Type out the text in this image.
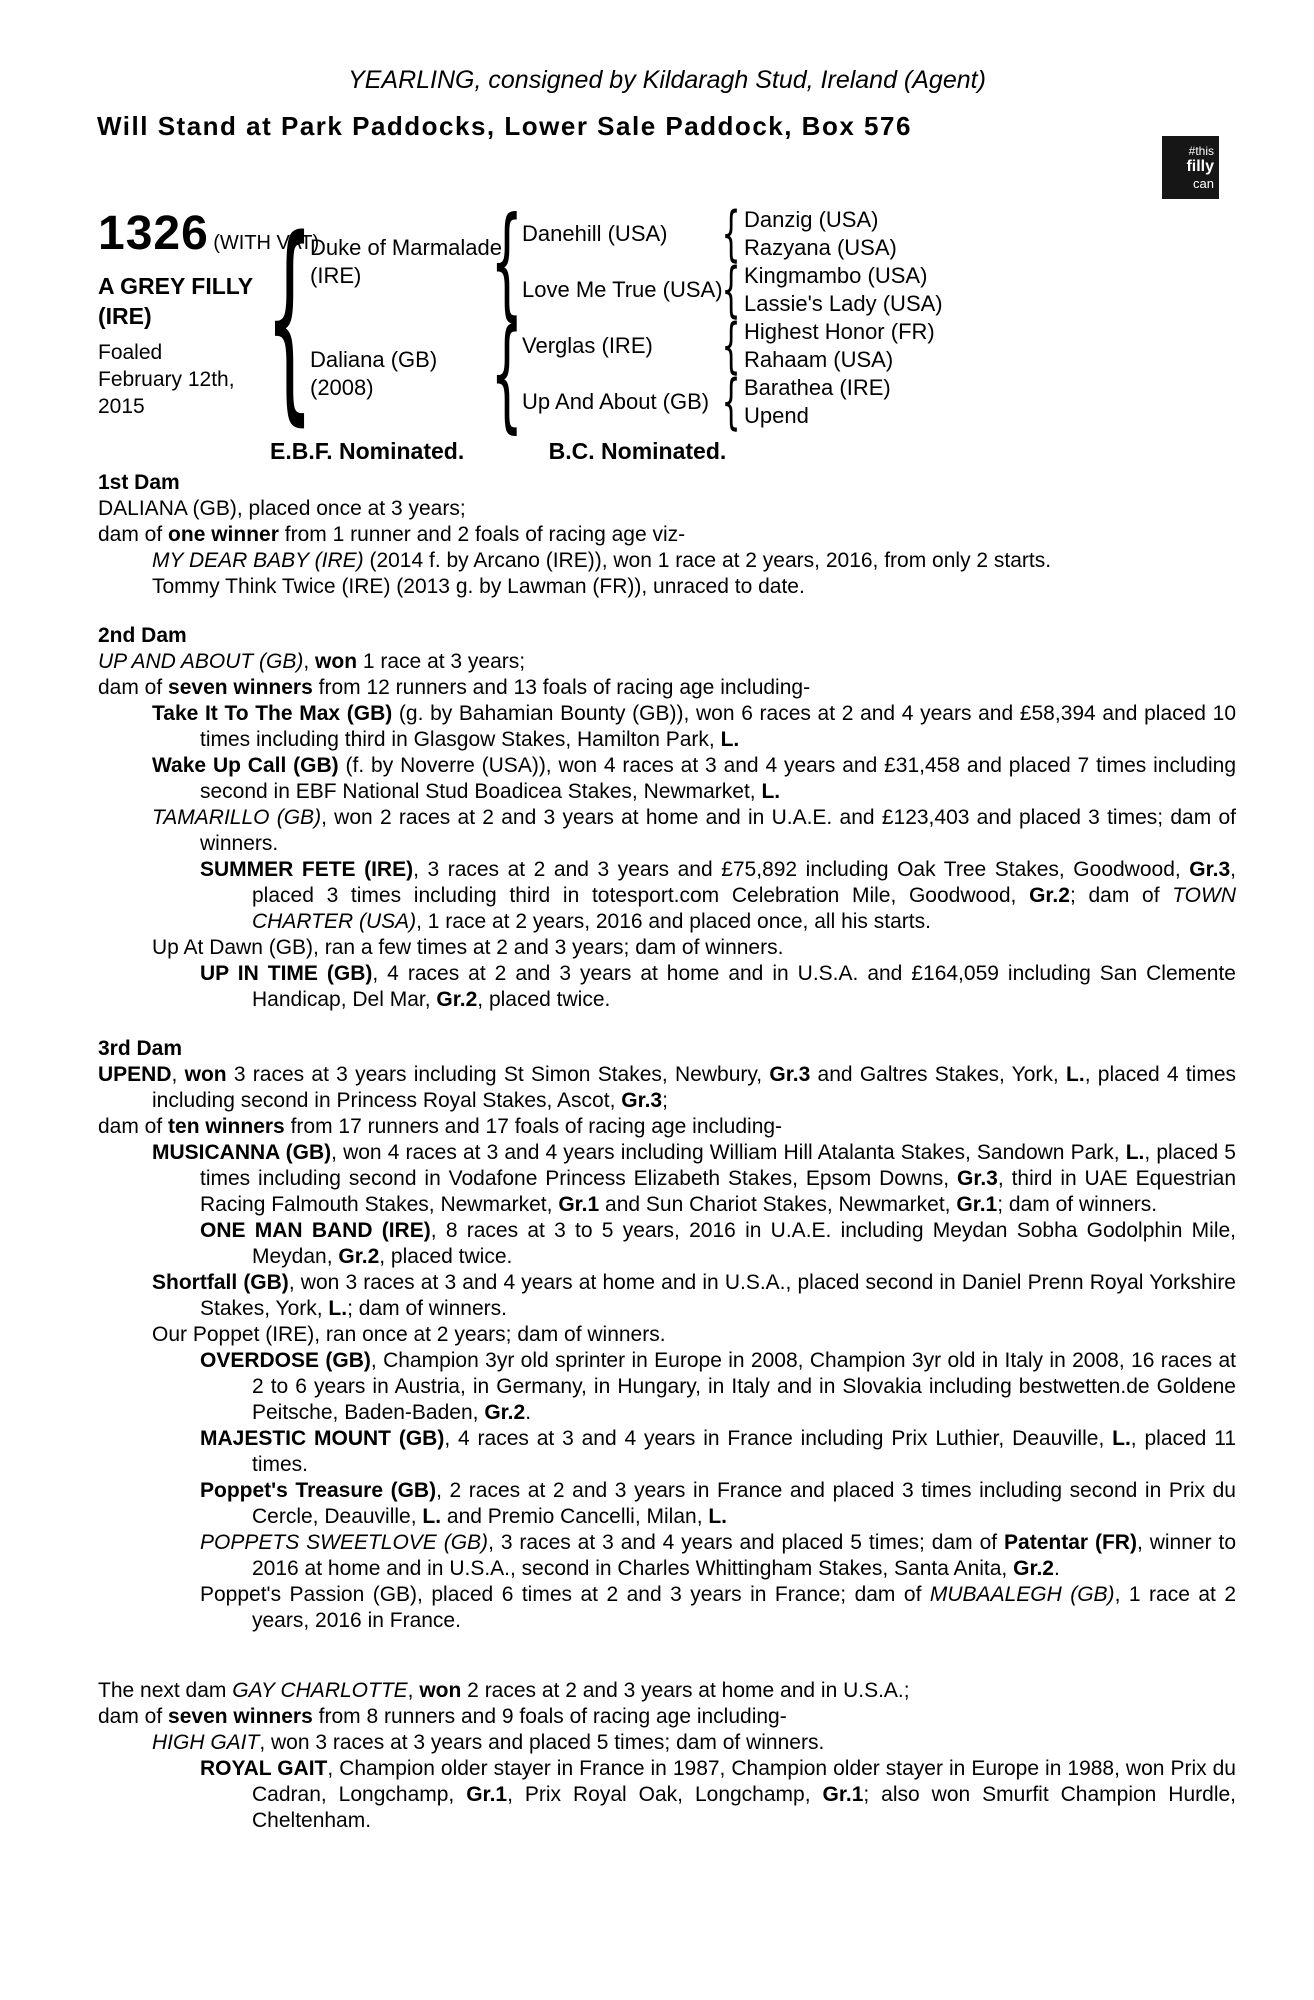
YEARLING, consigned by Kildaragh Stud, Ireland (Agent)
Will Stand at Park Paddocks, Lower Sale Paddock, Box 576
#this
filly
can
1326 (WITH VAT)
A GREY FILLY
(IRE)
Foaled
February 12th, 2015
{
Duke of Marmalade
(IRE)
Daliana (GB)
(2008)
{
{
Danehill (USA)
Love Me True (USA)
Verglas (IRE)
Up And About (GB)
{
{
{
{
Danzig (USA)
Razyana (USA)
Kingmambo (USA)
Lassie's Lady (USA)
Highest Honor (FR)
Rahaam (USA)
Barathea (IRE)
Upend
E.B.F. Nominated.	B.C. Nominated.

1st Dam

DALIANA (GB), placed once at 3 years;

dam of one winner from 1 runner and 2 foals of racing age viz-

MY DEAR BABY (IRE) (2014 f. by Arcano (IRE)), won 1 race at 2 years, 2016, from only 2 starts.

Tommy Think Twice (IRE) (2013 g. by Lawman (FR)), unraced to date.

2nd Dam

UP AND ABOUT (GB), won 1 race at 3 years;

dam of seven winners from 12 runners and 13 foals of racing age including-

Take It To The Max (GB) (g. by Bahamian Bounty (GB)), won 6 races at 2 and 4 years and £58,394 and placed 10 times including third in Glasgow Stakes, Hamilton Park, L.

Wake Up Call (GB) (f. by Noverre (USA)), won 4 races at 3 and 4 years and £31,458 and placed 7 times including second in EBF National Stud Boadicea Stakes, Newmarket, L.

TAMARILLO (GB), won 2 races at 2 and 3 years at home and in U.A.E. and £123,403 and placed 3 times; dam of winners.

SUMMER FETE (IRE), 3 races at 2 and 3 years and £75,892 including Oak Tree Stakes, Goodwood, Gr.3, placed 3 times including third in totesport.com Celebration Mile, Goodwood, Gr.2; dam of TOWN CHARTER (USA), 1 race at 2 years, 2016 and placed once, all his starts.

Up At Dawn (GB), ran a few times at 2 and 3 years; dam of winners.

UP IN TIME (GB), 4 races at 2 and 3 years at home and in U.S.A. and £164,059 including San Clemente Handicap, Del Mar, Gr.2, placed twice.

3rd Dam

UPEND, won 3 races at 3 years including St Simon Stakes, Newbury, Gr.3 and Galtres Stakes, York, L., placed 4 times including second in Princess Royal Stakes, Ascot, Gr.3;

dam of ten winners from 17 runners and 17 foals of racing age including-

MUSICANNA (GB), won 4 races at 3 and 4 years including William Hill Atalanta Stakes, Sandown Park, L., placed 5 times including second in Vodafone Princess Elizabeth Stakes, Epsom Downs, Gr.3, third in UAE Equestrian Racing Falmouth Stakes, Newmarket, Gr.1 and Sun Chariot Stakes, Newmarket, Gr.1; dam of winners.

ONE MAN BAND (IRE), 8 races at 3 to 5 years, 2016 in U.A.E. including Meydan Sobha Godolphin Mile, Meydan, Gr.2, placed twice.

Shortfall (GB), won 3 races at 3 and 4 years at home and in U.S.A., placed second in Daniel Prenn Royal Yorkshire Stakes, York, L.; dam of winners.

Our Poppet (IRE), ran once at 2 years; dam of winners.

OVERDOSE (GB), Champion 3yr old sprinter in Europe in 2008, Champion 3yr old in Italy in 2008, 16 races at 2 to 6 years in Austria, in Germany, in Hungary, in Italy and in Slovakia including bestwetten.de Goldene Peitsche, Baden-Baden, Gr.2.

MAJESTIC MOUNT (GB), 4 races at 3 and 4 years in France including Prix Luthier, Deauville, L., placed 11 times.

Poppet's Treasure (GB), 2 races at 2 and 3 years in France and placed 3 times including second in Prix du Cercle, Deauville, L. and Premio Cancelli, Milan, L.

POPPETS SWEETLOVE (GB), 3 races at 3 and 4 years and placed 5 times; dam of Patentar (FR), winner to 2016 at home and in U.S.A., second in Charles Whittingham Stakes, Santa Anita, Gr.2.

Poppet's Passion (GB), placed 6 times at 2 and 3 years in France; dam of MUBAALEGH (GB), 1 race at 2 years, 2016 in France.

The next dam GAY CHARLOTTE, won 2 races at 2 and 3 years at home and in U.S.A.;

dam of seven winners from 8 runners and 9 foals of racing age including-

HIGH GAIT, won 3 races at 3 years and placed 5 times; dam of winners.

ROYAL GAIT, Champion older stayer in France in 1987, Champion older stayer in Europe in 1988, won Prix du Cadran, Longchamp, Gr.1, Prix Royal Oak, Longchamp, Gr.1; also won Smurfit Champion Hurdle, Cheltenham.
